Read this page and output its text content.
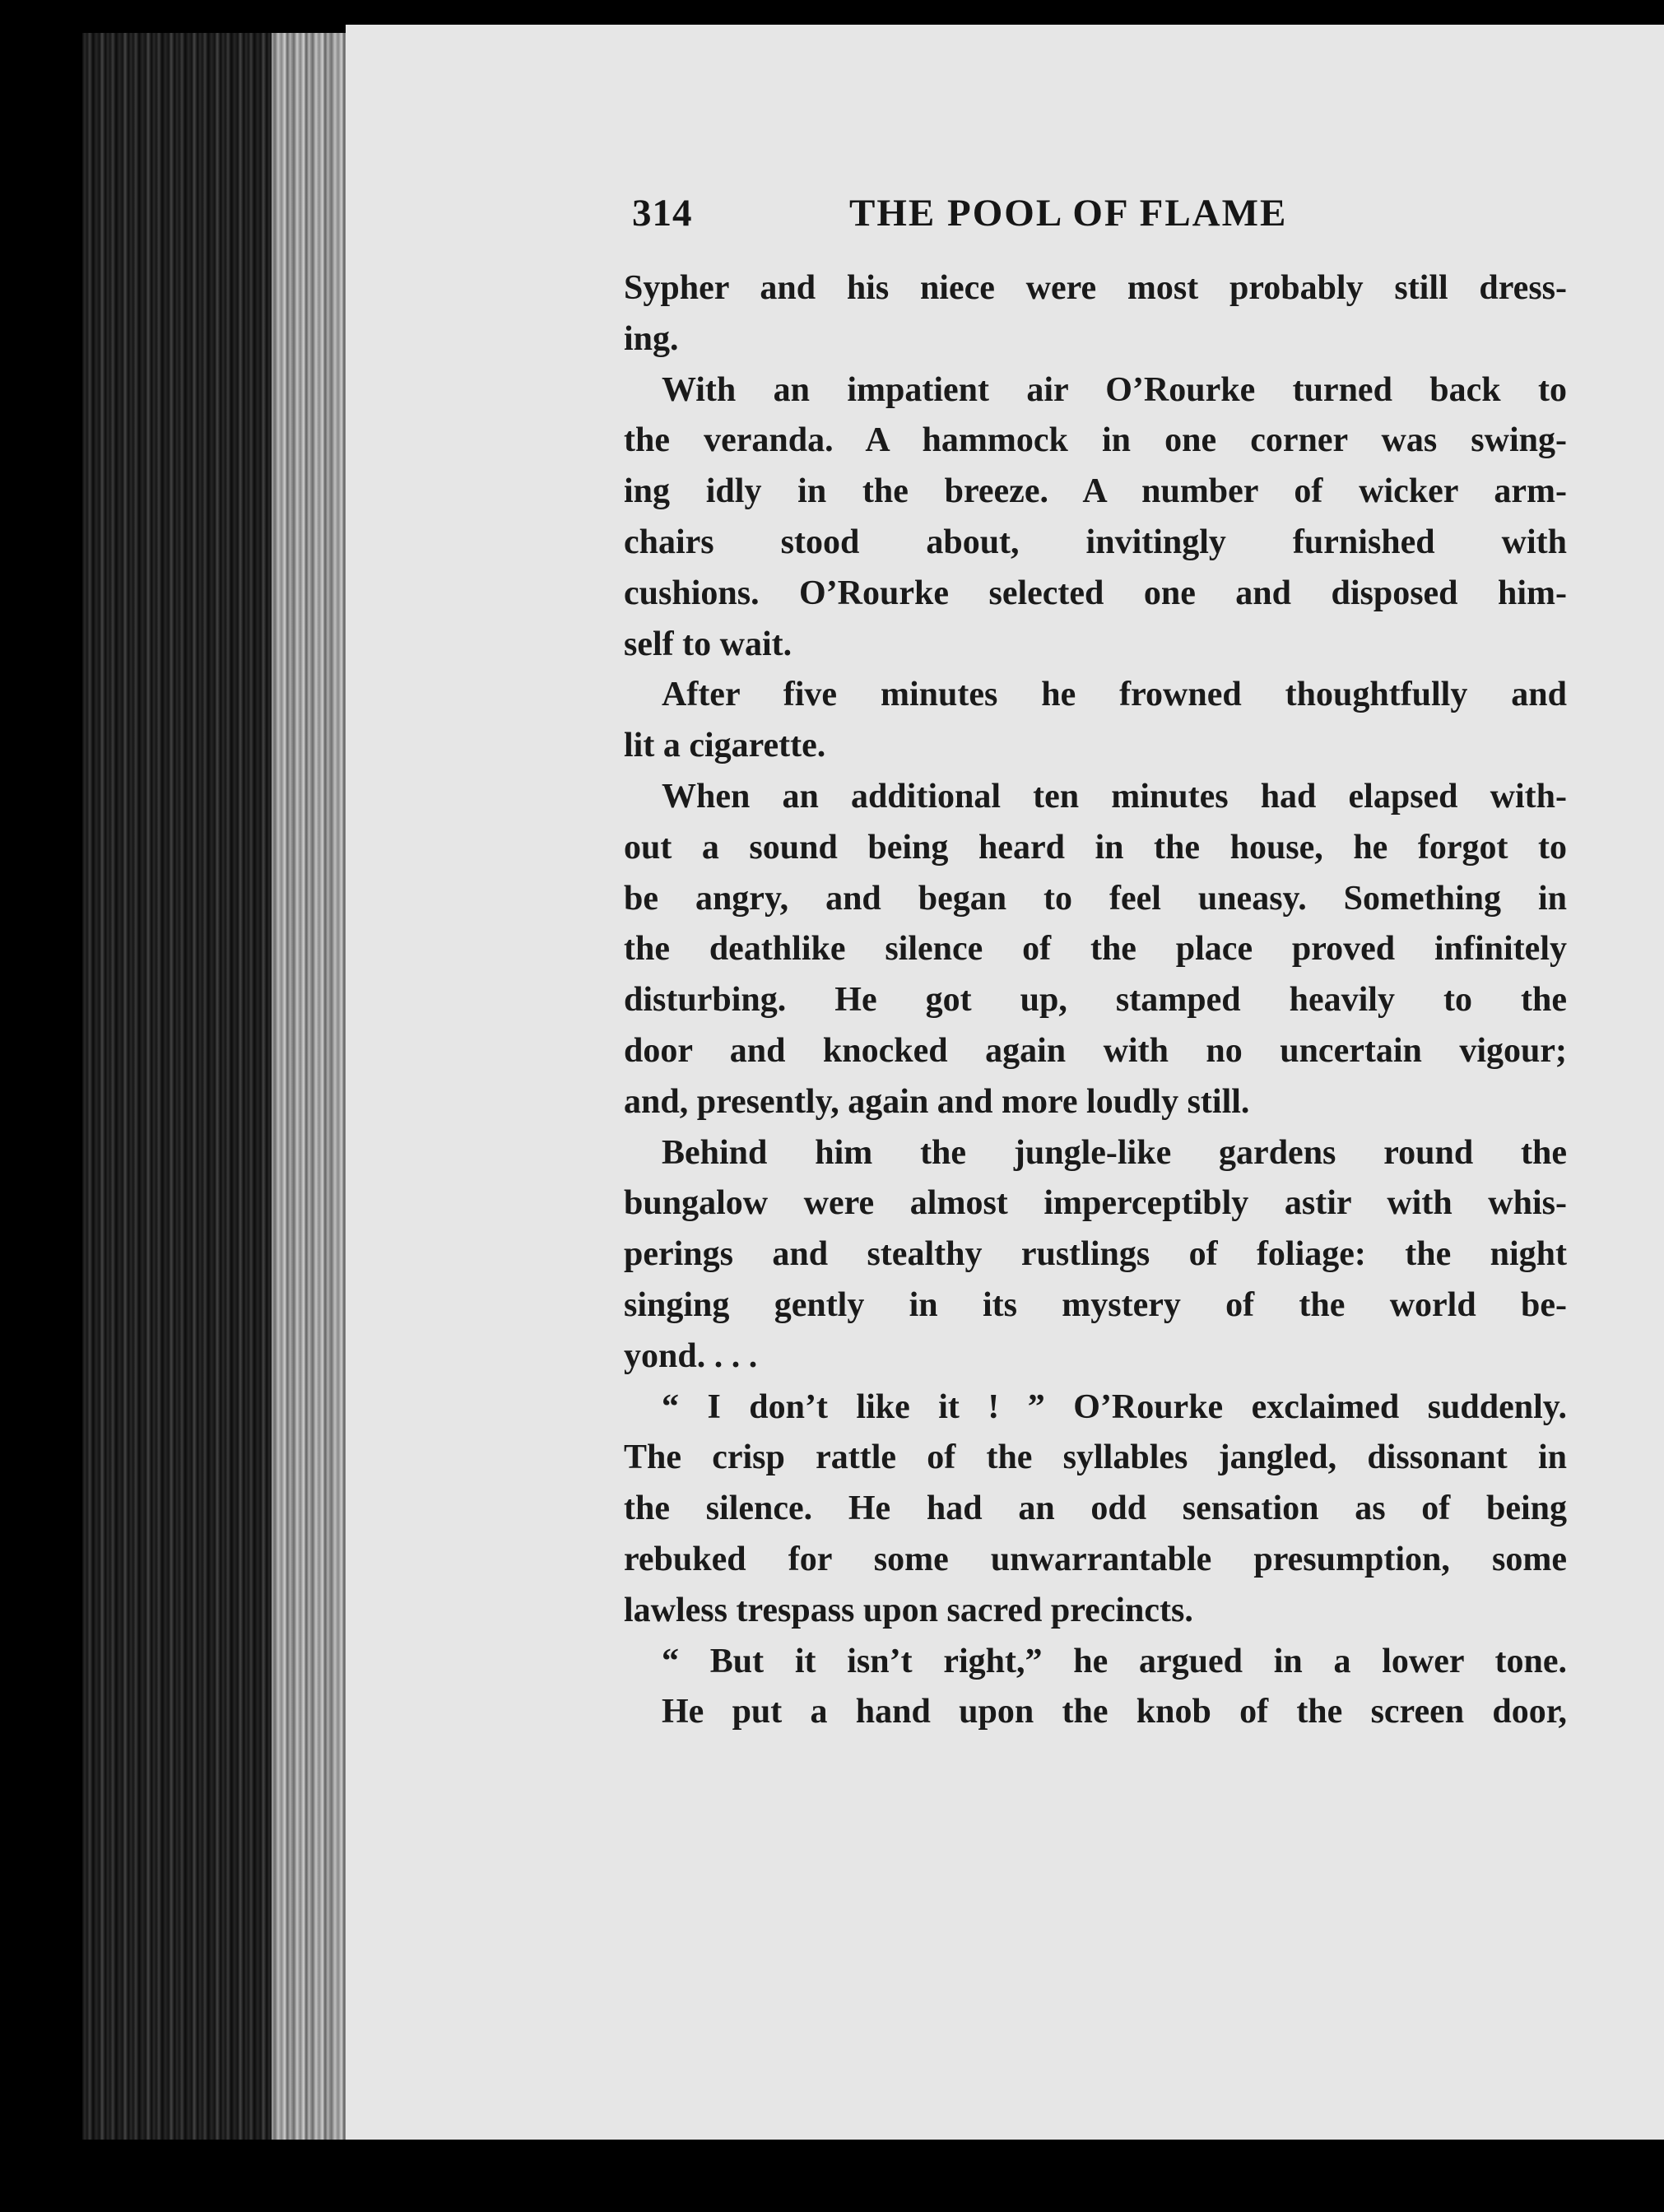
314	THE POOL OF FLAME
Sypher and his niece were most probably still dress-
ing.
With an impatient air O’Rourke turned back to
the veranda. A hammock in one corner was swing-
ing idly in the breeze. A number of wicker arm-
chairs stood about, invitingly furnished with
cushions. O’Rourke selected one and disposed him-
self to wait.
After five minutes he frowned thoughtfully and
lit a cigarette.
When an additional ten minutes had elapsed with-
out a sound being heard in the house, he forgot to
be angry, and began to feel uneasy. Something in
the deathlike silence of the place proved infinitely
disturbing. He got up, stamped heavily to the
door and knocked again with no uncertain vigour;
and, presently, again and more loudly still.
Behind him the jungle-like gardens round the
bungalow were almost imperceptibly astir with whis-
perings and stealthy rustlings of foliage: the night
singing gently in its mystery of the world be-
yond. . . .
“ I don’t like it ! ” O’Rourke exclaimed suddenly.
The crisp rattle of the syllables jangled, dissonant in
the silence. He had an odd sensation as of being
rebuked for some unwarrantable presumption, some
lawless trespass upon sacred precincts.
“ But it isn’t right,” he argued in a lower tone.
He put a hand upon the knob of the screen door,
